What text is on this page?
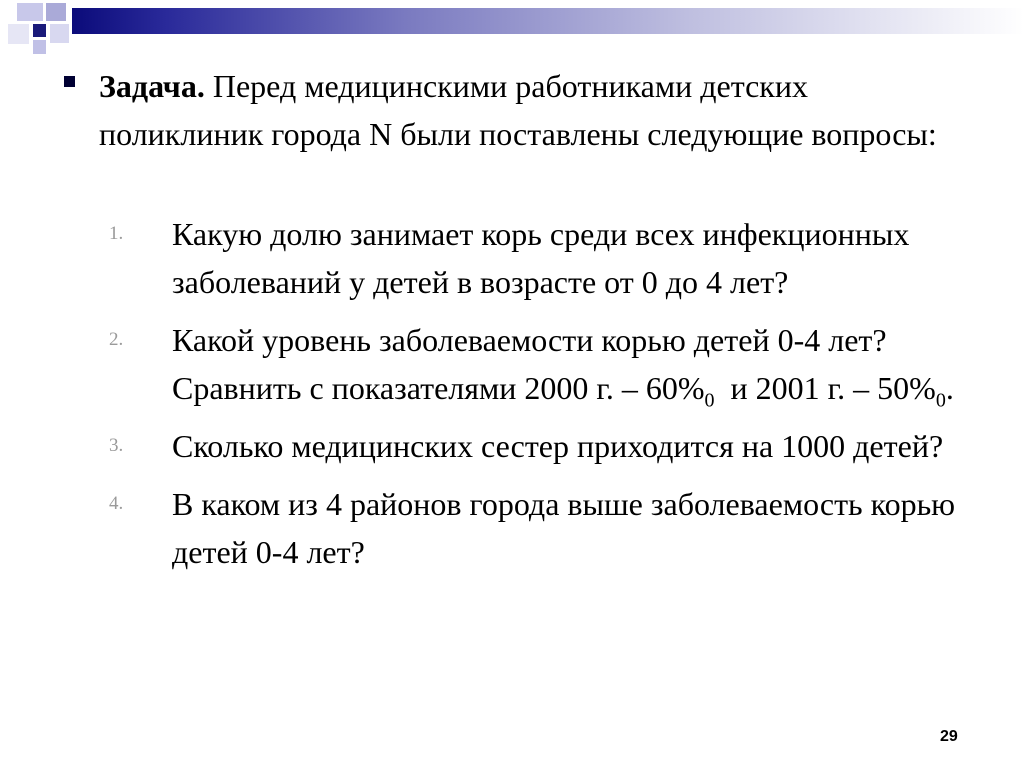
Задача. Перед медицинскими работниками детских поликлиник города N были поставлены следующие вопросы:
1. Какую долю занимает корь среди всех инфекционных заболеваний у детей в возрасте от 0 до 4 лет?
2. Какой уровень заболеваемости корью детей 0-4 лет? Сравнить с показателями 2000 г. – $60\%_0$  и 2001 г. – $50\%_0$.
3. Сколько медицинских сестер приходится на 1000 детей?
4. В каком из 4 районов города выше заболеваемость корью детей 0-4 лет?
29
